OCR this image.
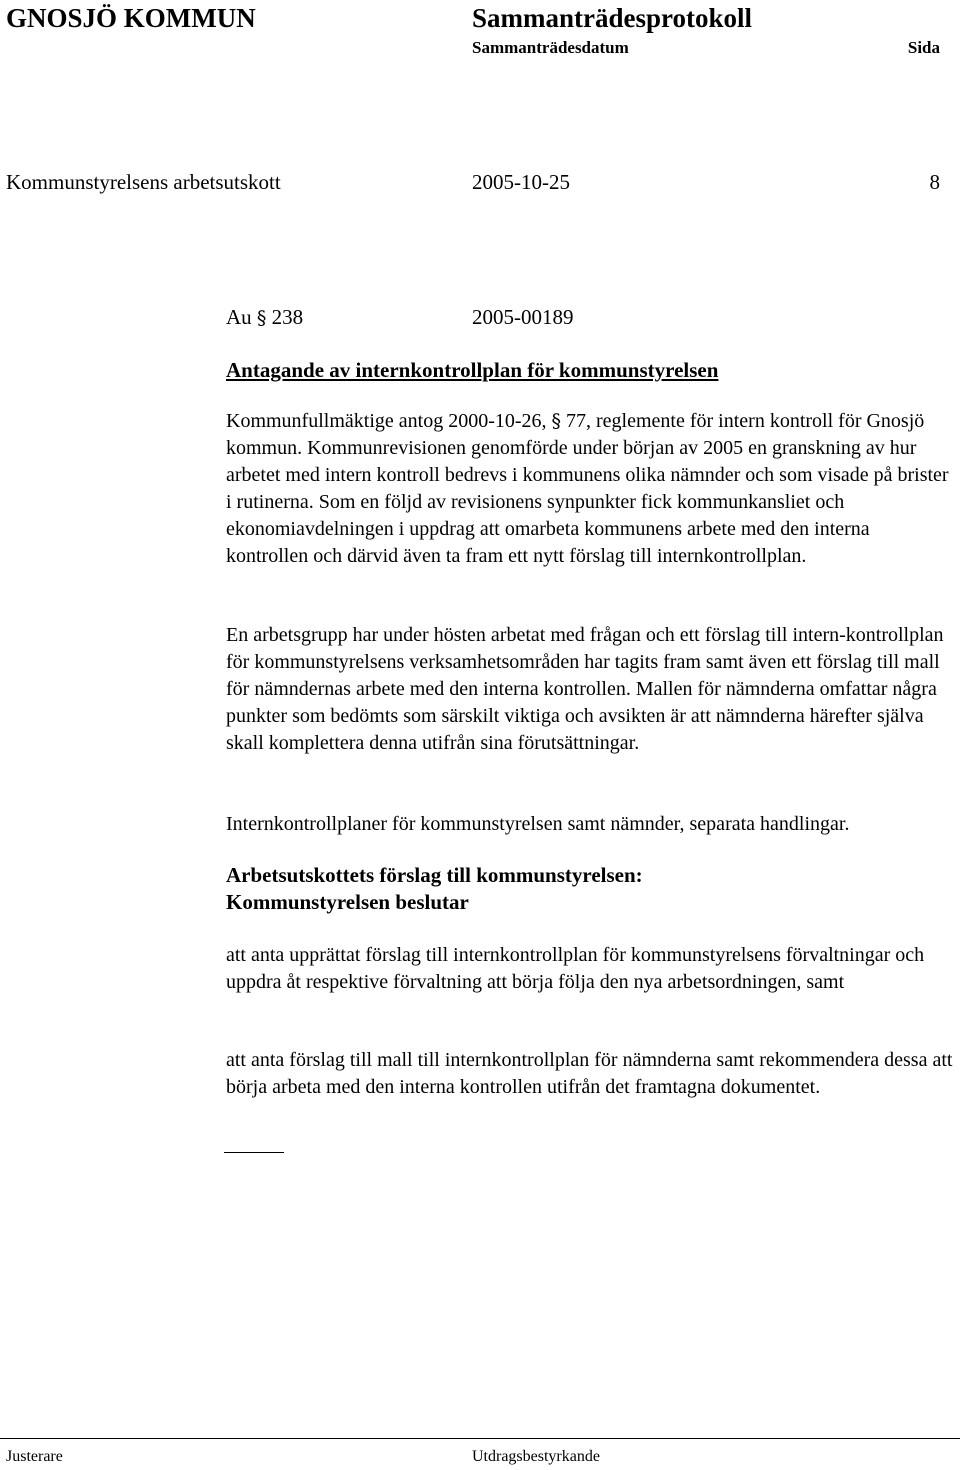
GNOSJÖ KOMMUN	Sammanträdesprotokoll
Sammanträdesdatum	Sida
Kommunstyrelsens arbetsutskott	2005-10-25	8
Au § 238	2005-00189
Antagande av internkontrollplan för kommunstyrelsen

Kommunfullmäktige antog 2000-10-26, § 77, reglemente för intern kontroll för Gnosjö kommun. Kommunrevisionen genomförde under början av 2005 en granskning av hur arbetet med intern kontroll bedrevs i kommunens olika nämnder och som visade på brister i rutinerna. Som en följd av revisionens synpunkter fick kommunkansliet och ekonomiavdelningen i uppdrag att omarbeta kommunens arbete med den interna kontrollen och därvid även ta fram ett nytt förslag till internkontrollplan.

En arbetsgrupp har under hösten arbetat med frågan och ett förslag till intern-kontrollplan för kommunstyrelsens verksamhetsområden har tagits fram samt även ett förslag till mall för nämndernas arbete med den interna kontrollen. Mallen för nämnderna omfattar några punkter som bedömts som särskilt viktiga och avsikten är att nämnderna härefter själva skall komplettera denna utifrån sina förutsättningar.

Internkontrollplaner för kommunstyrelsen samt nämnder, separata handlingar.

Arbetsutskottets förslag till kommunstyrelsen:

Kommunstyrelsen beslutar

att anta upprättat förslag till internkontrollplan för kommunstyrelsens förvaltningar och uppdra åt respektive förvaltning att börja följa den nya arbetsordningen, samt

att anta förslag till mall till internkontrollplan för nämnderna samt rekommendera dessa att börja arbeta med den interna kontrollen utifrån det framtagna dokumentet.

Justerare	Utdragsbestyrkande
